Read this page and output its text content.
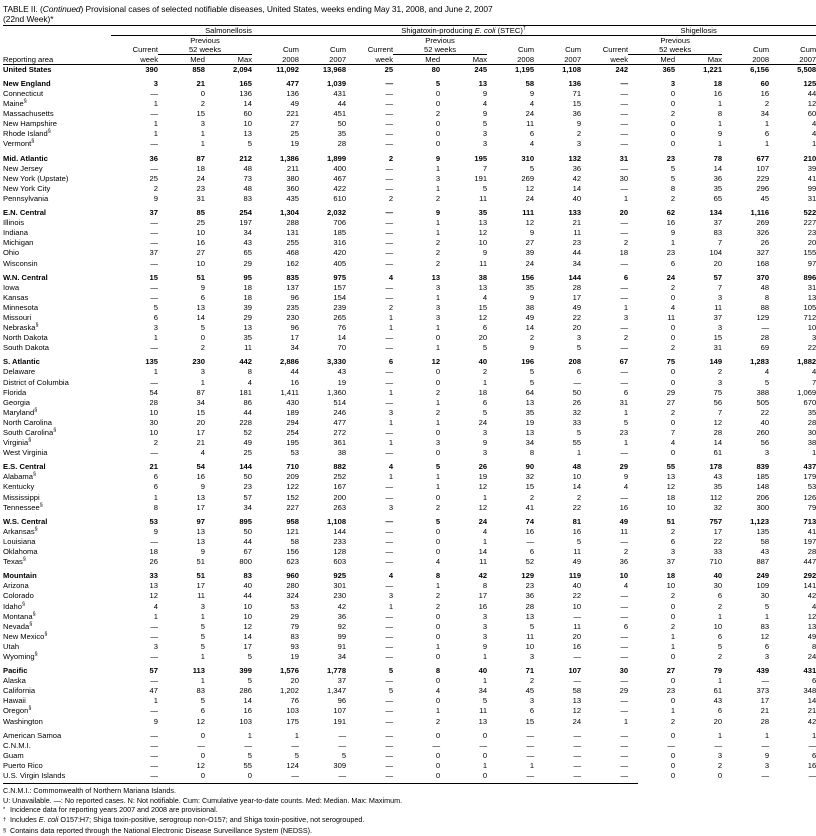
TABLE II. (Continued) Provisional cases of selected notifiable diseases, United States, weeks ending May 31, 2008, and June 2, 2007
(22nd Week)*
	Salmonellosis					Shigatoxin-producing E. coli (STEC)†					Shigellosis				
		Previous					Previous					Previous			
	Current	52 weeks		Cum	Cum	Current	52 weeks		Cum	Cum	Current	52 weeks		Cum	Cum
Reporting area	week	Med	Max	2008	2007	week	Med	Max	2008	2007	week	Med	Max	2008	2007
United States	390	858	2,094	11,092	13,968	25	80	245	1,195	1,108	242	365	1,221	6,156	5,508

New England	3	21	165	477	1,039	—	5	13	58	136	—	3	18	60	125
Connecticut	—	0	136	136	431	—	0	9	9	71	—	0	16	16	44
Maine§	1	2	14	49	44	—	0	4	4	15	—	0	1	2	12
Massachusetts	—	15	60	221	451	—	2	9	24	36	—	2	8	34	60
New Hampshire	1	3	10	27	50	—	0	5	11	9	—	0	1	1	4
Rhode Island§	1	1	13	25	35	—	0	3	6	2	—	0	9	6	4
Vermont§	—	1	5	19	28	—	0	3	4	3	—	0	1	1	1

Mid. Atlantic	36	87	212	1,386	1,899	2	9	195	310	132	31	23	78	677	210
New Jersey	—	18	48	211	400	—	1	7	5	36	—	5	14	107	39
New York (Upstate)	25	24	73	380	467	—	3	191	269	42	30	5	36	229	41
New York City	2	23	48	360	422	—	1	5	12	14	—	8	35	296	99
Pennsylvania	9	31	83	435	610	2	2	11	24	40	1	2	65	45	31

E.N. Central	37	85	254	1,304	2,032	—	9	35	111	133	20	62	134	1,116	522
Illinois	—	25	197	288	706	—	1	13	12	21	—	16	37	269	227
Indiana	—	10	34	131	185	—	1	12	9	11	—	9	83	326	23
Michigan	—	16	43	255	316	—	2	10	27	23	2	1	7	26	20
Ohio	37	27	65	468	420	—	2	9	39	44	18	23	104	327	155
Wisconsin	—	10	29	162	405	—	2	11	24	34	—	6	20	168	97

W.N. Central	15	51	95	835	975	4	13	38	156	144	6	24	57	370	896
Iowa	—	9	18	137	157	—	3	13	35	28	—	2	7	48	31
Kansas	—	6	18	96	154	—	1	4	9	17	—	0	3	8	13
Minnesota	5	13	39	235	239	2	3	15	38	49	1	4	11	88	105
Missouri	6	14	29	230	265	1	3	12	49	22	3	11	37	129	712
Nebraska§	3	5	13	96	76	1	1	6	14	20	—	0	3	—	10
North Dakota	1	0	35	17	14	—	0	20	2	3	2	0	15	28	3
South Dakota	—	2	11	34	70	—	1	5	9	5	—	2	31	69	22

S. Atlantic	135	230	442	2,886	3,330	6	12	40	196	208	67	75	149	1,283	1,882
Delaware	1	3	8	44	43	—	0	2	5	6	—	0	2	4	4
District of Columbia	—	1	4	16	19	—	0	1	5	—	—	0	3	5	7
Florida	54	87	181	1,411	1,360	1	2	18	64	50	6	29	75	388	1,069
Georgia	28	34	86	430	514	—	1	6	13	26	31	27	56	505	670
Maryland§	10	15	44	189	246	3	2	5	35	32	1	2	7	22	35
North Carolina	30	20	228	294	477	1	1	24	19	33	5	0	12	40	28
South Carolina§	10	17	52	254	272	—	0	3	13	5	23	7	28	260	30
Virginia§	2	21	49	195	361	1	3	9	34	55	1	4	14	56	38
West Virginia	—	4	25	53	38	—	0	3	8	1	—	0	61	3	1

E.S. Central	21	54	144	710	882	4	5	26	90	48	29	55	178	839	437
Alabama§	6	16	50	209	252	1	1	19	32	10	9	13	43	185	179
Kentucky	6	9	23	122	167	—	1	12	15	14	4	12	35	148	53
Mississippi	1	13	57	152	200	—	0	1	2	2	—	18	112	206	126
Tennessee§	8	17	34	227	263	3	2	12	41	22	16	10	32	300	79

W.S. Central	53	97	895	958	1,108	—	5	24	74	81	49	51	757	1,123	713
Arkansas§	9	13	50	121	144	—	0	4	16	16	11	2	17	135	41
Louisiana	—	13	44	58	233	—	0	1	—	5	—	6	22	58	197
Oklahoma	18	9	67	156	128	—	0	14	6	11	2	3	33	43	28
Texas§	26	51	800	623	603	—	4	11	52	49	36	37	710	887	447

Mountain	33	51	83	960	925	4	8	42	129	119	10	18	40	249	292
Arizona	13	17	40	280	301	—	1	8	23	40	4	10	30	109	141
Colorado	12	11	44	324	230	3	2	17	36	22	—	2	6	30	42
Idaho§	4	3	10	53	42	1	2	16	28	10	—	0	2	5	4
Montana§	1	1	10	29	36	—	0	3	13	—	—	0	1	1	12
Nevada§	—	5	12	79	92	—	0	3	5	11	6	2	10	83	13
New Mexico§	—	5	14	83	99	—	0	3	11	20	—	1	6	12	49
Utah	3	5	17	93	91	—	1	9	10	16	—	1	5	6	8
Wyoming§	—	1	5	19	34	—	0	1	3	—	—	0	2	3	24

Pacific	57	113	399	1,576	1,778	5	8	40	71	107	30	27	79	439	431
Alaska	—	1	5	20	37	—	0	1	2	—	—	0	1	—	6
California	47	83	286	1,202	1,347	5	4	34	45	58	29	23	61	373	348
Hawaii	1	5	14	76	96	—	0	5	3	13	—	0	43	17	14
Oregon§	—	6	16	103	107	—	1	11	6	12	—	1	6	21	21
Washington	9	12	103	175	191	—	2	13	15	24	1	2	20	28	42

American Samoa	—	0	1	1	—	—	0	0	—	—	—	0	1	1	1
C.N.M.I.	—	—	—	—	—	—	—	—	—	—	—	—	—	—	—
Guam	—	0	5	5	5	—	0	0	—	—	—	0	3	9	6
Puerto Rico	—	12	55	124	309	—	0	1	1	—	—	0	2	3	16
U.S. Virgin Islands	—	0	0	—	—	—	0	0	—	—	—	0	0	—	—
C.N.M.I.: Commonwealth of Northern Mariana Islands.
U: Unavailable. —: No reported cases. N: Not notifiable. Cum: Cumulative year-to-date counts. Med: Median. Max: Maximum.
* Incidence data for reporting years 2007 and 2008 are provisional.
† Includes E. coli O157:H7; Shiga toxin-positive, serogroup non-O157; and Shiga toxin-positive, not serogrouped.
§ Contains data reported through the National Electronic Disease Surveillance System (NEDSS).
